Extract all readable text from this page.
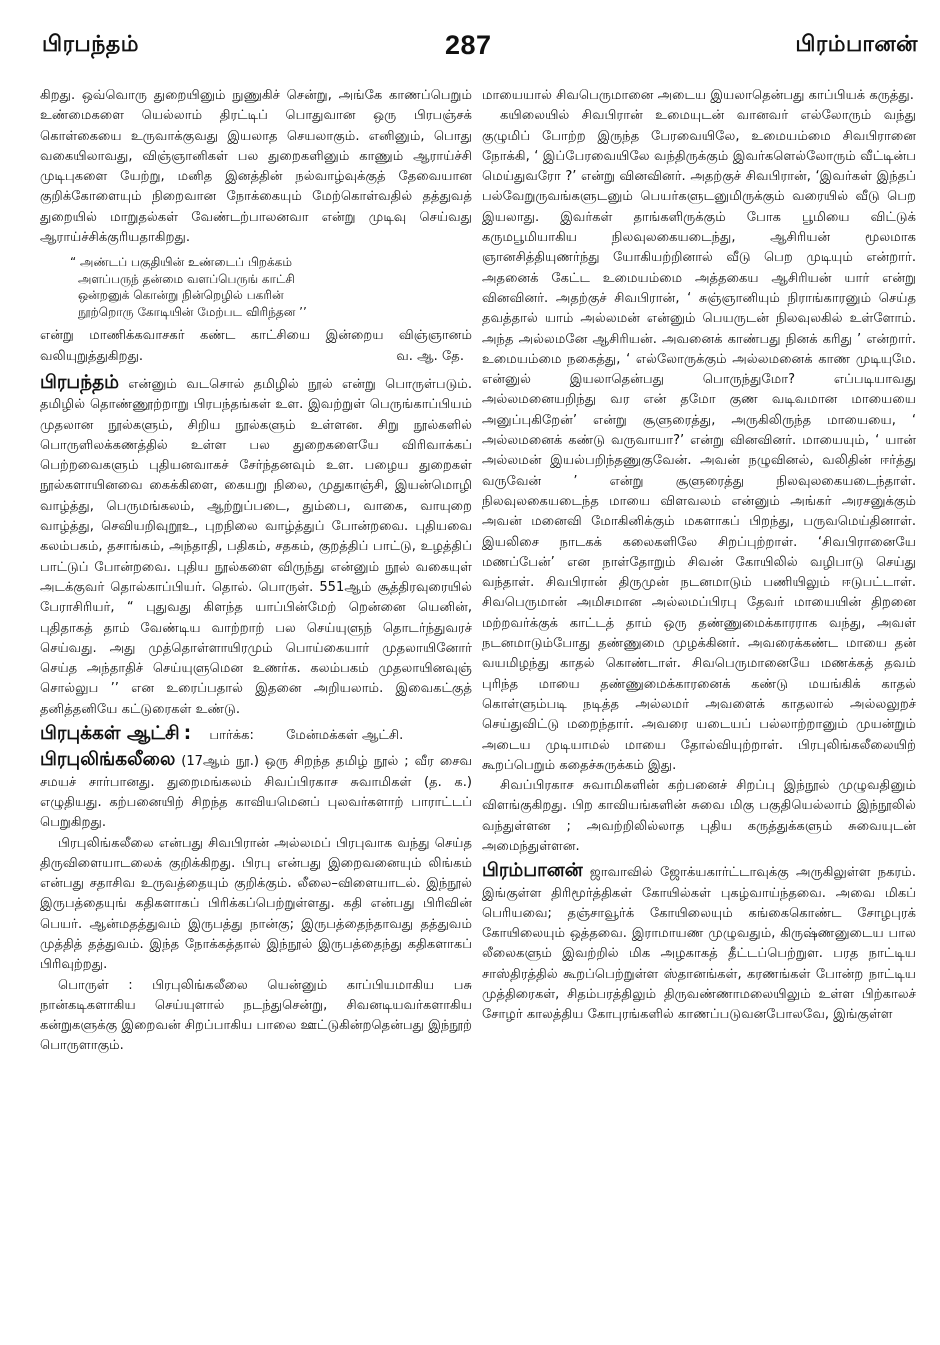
பிரபந்தம்	287	பிரம்பானன்

கிறது. ஒவ்வொரு துறையினும் நுணுகிச் சென்று, அங்கே காணப்பெறும் உண்மைகளை யெல்லாம் திரட்டிப் பொதுவான ஒரு பிரபஞ்சக் கொள்கையை உருவாக்குவது இயலாத செயலாகும். எனினும், பொது வகையிலாவது, விஞ்ஞானிகள் பல துறைகளினும் காணும் ஆராய்ச்சி முடிபுகளை யேற்று, மனித இனத்தின் நல்வாழ்வுக்குத் தேவையான குறிக்கோளையும் நிறைவான நோக்கையும் மேற்கொள்வதில் தத்துவத் துறையில் மாறுதல்கள் வேண்டற்பாலனவா என்று முடிவு செய்வது ஆராய்ச்சிக்குரியதாகிறது.

“ அண்டப் பகுதியின் உண்டைப் பிறக்கம்

அளப்பருந் தன்மை வளப்பெருங் காட்சி

ஒன்றனுக் கொன்று நின்றெழில் பகரின்

நூற்றொரு கோடியின் மேற்பட விரிந்தன ’’

என்று மாணிக்கவாசகர் கண்ட காட்சியை இன்றைய விஞ்ஞானம் வலியுறுத்துகிறது.	வ. ஆ. தே.

பிரபந்தம் என்னும் வடசொல் தமிழில் நூல் என்று பொருள்படும். தமிழில் தொண்ணூற்றாறு பிரபந்தங்கள் உள. இவற்றுள் பெருங்காப்பியம் முதலான நூல்களும், சிறிய நூல்களும் உள்ளன. சிறு நூல்களில் பொருளிலக்கணத்தில் உள்ள பல துறைகளையே விரிவாக்கப் பெற்றவைகளும் புதியனவாகச் சேர்ந்தனவும் உள. பழைய துறைகள் நூல்களாயினவை கைக்கிளை, கையறு நிலை, முதுகாஞ்சி, இயன்மொழி வாழ்த்து, பெருமங்கலம், ஆற்றுப்படை, தும்பை, வாகை, வாயுறை வாழ்த்து, செவியறிவுறூஉ, புறநிலை வாழ்த்துப் போன்றவை. புதியவை கலம்பகம், தசாங்கம், அந்தாதி, பதிகம், சதகம், குறத்திப் பாட்டு, உழத்திப் பாட்டுப் போன்றவை. புதிய நூல்களை விருந்து என்னும் நூல் வகையுள் அடக்குவர் தொல்காப்பியர். தொல். பொருள். 551ஆம் சூத்திரவுரையில் பேராசிரியர், “ புதுவது கிளந்த யாப்பின்மேற் றென்னை யெனின், புதிதாகத் தாம் வேண்டிய வாற்றாற் பல செய்யுளுந் தொடர்ந்துவரச் செய்வது. அது முத்தொள்ளாயிரமும் பொய்கையார் முதலாயினோர் செய்த அந்தாதிச் செய்யுளுமென உணர்க. கலம்பகம் முதலாயினவுஞ் சொல்லுப ’’ என உரைப்பதால் இதனை அறியலாம். இவைகட்குத் தனித்தனியே கட்டுரைகள் உண்டு.

பிரபுக்கள் ஆட்சி : பார்க்க: மேன்மக்கள் ஆட்சி.

பிரபுலிங்கலீலை (17ஆம் நூ.) ஒரு சிறந்த தமிழ் நூல் ; வீர சைவ சமயச் சார்பானது. துறைமங்கலம் சிவப்பிரகாச சுவாமிகள் (த. க.) எழுதியது. கற்பனையிற் சிறந்த காவியமெனப் புலவர்களாற் பாராட்டப் பெறுகிறது.

பிரபுலிங்கலீலை என்பது சிவபிரான் அல்லமப் பிரபுவாக வந்து செய்த திருவிளையாடலைக் குறிக்கிறது. பிரபு என்பது இறைவனையும் லிங்கம் என்பது சதாசிவ உருவத்தையும் குறிக்கும். லீலை–விளையாடல். இந்நூல் இருபத்தையுங் கதிகளாகப் பிரிக்கப்பெற்றுள்ளது. கதி என்பது பிரிவின் பெயர். ஆன்மதத்துவம் இருபத்து நான்கு; இருபத்தைந்தாவது தத்துவம் முத்தித் தத்துவம். இந்த நோக்கத்தால் இந்நூல் இருபத்தைந்து கதிகளாகப் பிரிவுற்றது.

பொருள் : பிரபுலிங்கலீலை யென்னும் காப்பியமாகிய பசு நான்கடிகளாகிய செய்யுளால் நடந்துசென்று, சிவனடியவர்களாகிய கன்றுகளுக்கு இறைவன் சிறப்பாகிய பாலை ஊட்டுகின்றதென்பது இந்நூற் பொருளாகும்.

மாயையால் சிவபெருமானை அடைய இயலாதென்பது காப்பியக் கருத்து.

கயிலையில் சிவபிரான் உமையுடன் வானவர் எல்லோரும் வந்து குழுமிப் போற்ற இருந்த பேரவையிலே, உமையம்மை சிவபிரானை நோக்கி, ‘ இப்பேரவையிலே வந்திருக்கும் இவர்களெல்லோரும் வீட்டின்ப மெய்துவரோ ?’ என்று வினவினர். அதற்குச் சிவபிரான், ‘இவர்கள் இந்தப் பல்வேறுருவங்களுடனும் பெயர்களுடனுமிருக்கும் வரையில் வீடு பெற இயலாது. இவர்கள் தாங்களிருக்கும் போக பூமியை விட்டுக் கருமபூமியாகிய நிலவுலகையடைந்து, ஆசிரியன் மூலமாக ஞானசித்தியுணர்ந்து யோகியற்றினால் வீடு பெற முடியும் என்றார். அதனைக் கேட்ட உமையம்மை அத்தகைய ஆசிரியன் யார் என்று வினவினர். அதற்குச் சிவபிரான், ‘ சுஞ்ஞானியும் நிராங்காரனும் செய்த தவத்தால் யாம் அல்லமன் என்னும் பெயருடன் நிலவுலகில் உள்ளோம். அந்த அல்லமனே ஆசிரியன். அவனைக் காண்பது நினக் கரிது ’ என்றார். உமையம்மை நகைத்து, ‘ எல்லோருக்கும் அல்லமனைக் காண முடியுமே. என்னுல் இயலாதென்பது பொருந்துமோ? எப்படியாவது அல்லமனையறிந்து வர என் தமோ குண வடிவமான மாயையை அனுப்புகிறேன்’ என்று சூளுரைத்து, அருகிலிருந்த மாயையை, ‘ அல்லமனைக் கண்டு வருவாயா?’ என்று வினவினர். மாயையும், ‘ யான் அல்லமன் இயல்பறிந்தணுகுவேன். அவன் நழுவினல், வலிதின் ஈர்த்து வருவேன் ’ என்று சூளுரைத்து நிலவுலகையடைந்தாள். நிலவுலகையடைந்த மாயை விளவலம் என்னும் அங்கர் அரசனுக்கும் அவன் மனைவி மோகினிக்கும் மகளாகப் பிறந்து, பருவமெய்தினாள். இயலிசை நாடகக் கலைகளிலே சிறப்புற்றாள். ‘சிவபிரானையே மணப்பேன்’ என நாள்தோறும் சிவன் கோயிலில் வழிபாடு செய்து வந்தாள். சிவபிரான் திருமுன் நடனமாடும் பணியிலும் ஈடுபட்டாள். சிவபெருமான் அமிசமான அல்லமப்பிரபு தேவர் மாயையின் திறனை மற்றவர்க்குக் காட்டத் தாம் ஒரு தண்ணுமைக்காரராக வந்து, அவள் நடனமாடும்போது தண்ணுமை முழக்கினர். அவரைக்கண்ட மாயை தன் வயமிழந்து காதல் கொண்டாள். சிவபெருமானையே மணக்கத் தவம் புரிந்த மாயை தண்ணுமைக்காரனைக் கண்டு மயங்கிக் காதல் கொள்ளும்படி நடித்த அல்லமர் அவளைக் காதலால் அல்லலுறச் செய்துவிட்டு மறைந்தார். அவரை யடையப் பல்லாற்றானும் முயன்றும் அடைய முடியாமல் மாயை தோல்வியுற்றாள். பிரபுலிங்கலீலையிற் கூறப்பெறும் கதைச்சுருக்கம் இது.

சிவப்பிரகாச சுவாமிகளின் கற்பனைச் சிறப்பு இந்நூல் முழுவதினும் விளங்குகிறது. பிற காவியங்களின் சுவை மிகு பகுதியெல்லாம் இந்நூலில் வந்துள்ளன ; அவற்றிலில்லாத புதிய கருத்துக்களும் சுவையுடன் அமைந்துள்ளன.

பிரம்பானன் ஜாவாவில் ஜோக்யகார்ட்டாவுக்கு அருகிலுள்ள நகரம். இங்குள்ள திரிமூர்த்திகள் கோயில்கள் புகழ்வாய்ந்தவை. அவை மிகப் பெரியவை; தஞ்சாவூர்க் கோயிலையும் கங்கைகொண்ட சோழபுரக் கோயிலையும் ஒத்தவை. இராமாயண முழுவதும், கிருஷ்ணனுடைய பால லீலைகளும் இவற்றில் மிக அழகாகத் தீட்டப்பெற்றுள. பரத நாட்டிய சாஸ்திரத்தில் கூறப்பெற்றுள்ள ஸ்தானங்கள், கரணங்கள் போன்ற நாட்டிய முத்திரைகள், சிதம்பரத்திலும் திருவண்ணாமலையிலும் உள்ள பிற்காலச் சோழர் காலத்திய கோபுரங்களில் காணப்படுவனபோலவே, இங்குள்ள
